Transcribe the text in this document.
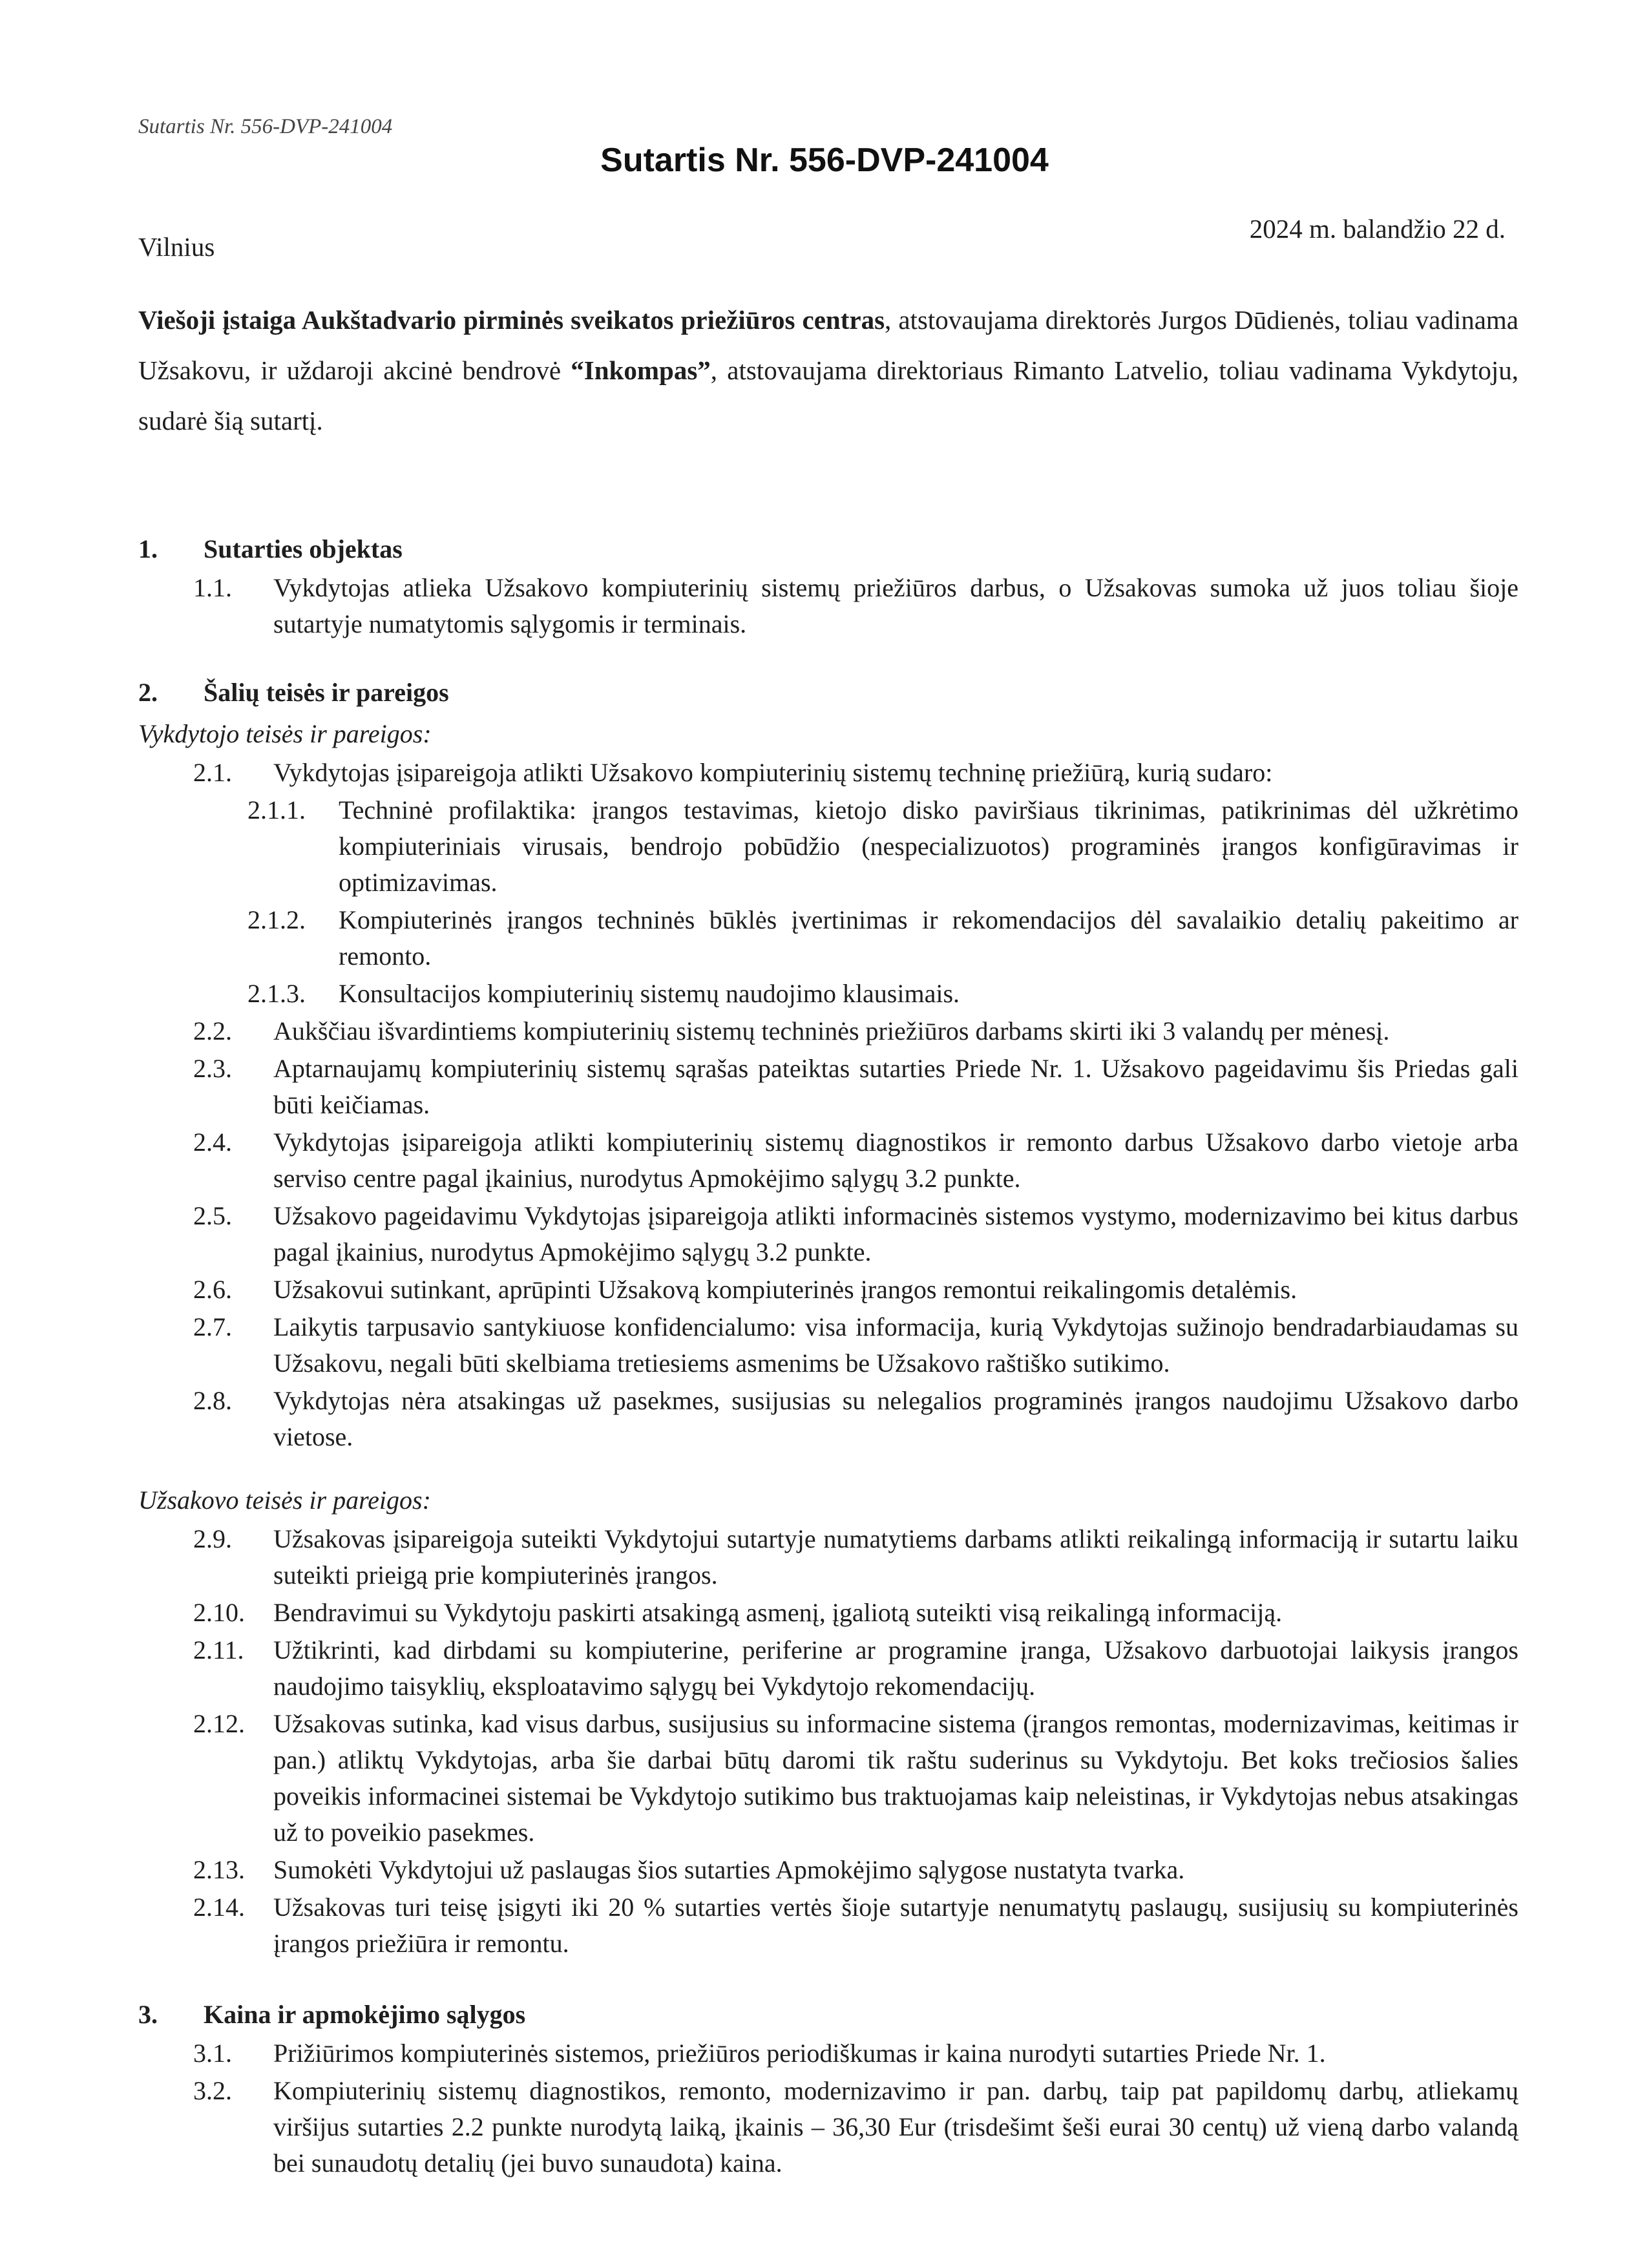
Sutartis Nr. 556-DVP-241004
Sutartis Nr. 556-DVP-241004
Vilnius
2024 m. balandžio 22 d.
Viešoji įstaiga Aukštadvario pirminės sveikatos priežiūros centras, atstovaujama direktorės Jurgos Dūdienės, toliau vadinama Užsakovu, ir uždaroji akcinė bendrovė “Inkompas”, atstovaujama direktoriaus Rimanto Latvelio, toliau vadinama Vykdytoju, sudarė šią sutartį.
1.	Sutarties objektas
1.1.	Vykdytojas atlieka Užsakovo kompiuterinių sistemų priežiūros darbus, o Užsakovas sumoka už juos toliau šioje sutartyje numatytomis sąlygomis ir terminais.
2.	Šalių teisės ir pareigos
Vykdytojo teisės ir pareigos:
2.1.	Vykdytojas įsipareigoja atlikti Užsakovo kompiuterinių sistemų techninę priežiūrą, kurią sudaro:
2.1.1.	Techninė profilaktika: įrangos testavimas, kietojo disko paviršiaus tikrinimas, patikrinimas dėl užkrėtimo kompiuteriniais virusais, bendrojo pobūdžio (nespecializuotos) programinės įrangos konfigūravimas ir optimizavimas.
2.1.2.	Kompiuterinės įrangos techninės būklės įvertinimas ir rekomendacijos dėl savalaikio detalių pakeitimo ar remonto.
2.1.3.	Konsultacijos kompiuterinių sistemų naudojimo klausimais.
2.2.	Aukščiau išvardintiems kompiuterinių sistemų techninės priežiūros darbams skirti iki 3 valandų per mėnesį.
2.3.	Aptarnaujamų kompiuterinių sistemų sąrašas pateiktas sutarties Priede Nr. 1. Užsakovo pageidavimu šis Priedas gali būti keičiamas.
2.4.	Vykdytojas įsipareigoja atlikti kompiuterinių sistemų diagnostikos ir remonto darbus Užsakovo darbo vietoje arba serviso centre pagal įkainius, nurodytus Apmokėjimo sąlygų 3.2 punkte.
2.5.	Užsakovo pageidavimu Vykdytojas įsipareigoja atlikti informacinės sistemos vystymo, modernizavimo bei kitus darbus pagal įkainius, nurodytus Apmokėjimo sąlygų 3.2 punkte.
2.6.	Užsakovui sutinkant, aprūpinti Užsakovą kompiuterinės įrangos remontui reikalingomis detalėmis.
2.7.	Laikytis tarpusavio santykiuose konfidencialumo: visa informacija, kurią Vykdytojas sužinojo bendradarbiaudamas su Užsakovu, negali būti skelbiama tretiesiems asmenims be Užsakovo raštiško sutikimo.
2.8.	Vykdytojas nėra atsakingas už pasekmes, susijusias su nelegalios programinės įrangos naudojimu Užsakovo darbo vietose.
Užsakovo teisės ir pareigos:
2.9.	Užsakovas įsipareigoja suteikti Vykdytojui sutartyje numatytiems darbams atlikti reikalingą informaciją ir sutartu laiku suteikti prieigą prie kompiuterinės įrangos.
2.10.	Bendravimui su Vykdytoju paskirti atsakingą asmenį, įgaliotą suteikti visą reikalingą informaciją.
2.11.	Užtikrinti, kad dirbdami su kompiuterine, periferine ar programine įranga, Užsakovo darbuotojai laikysis įrangos naudojimo taisyklių, eksploatavimo sąlygų bei Vykdytojo rekomendacijų.
2.12.	Užsakovas sutinka, kad visus darbus, susijusius su informacine sistema (įrangos remontas, modernizavimas, keitimas ir pan.) atliktų Vykdytojas, arba šie darbai būtų daromi tik raštu suderinus su Vykdytoju. Bet koks trečiosios šalies poveikis informacinei sistemai be Vykdytojo sutikimo bus traktuojamas kaip neleistinas, ir Vykdytojas nebus atsakingas už to poveikio pasekmes.
2.13.	Sumokėti Vykdytojui už paslaugas šios sutarties Apmokėjimo sąlygose nustatyta tvarka.
2.14.	Užsakovas turi teisę įsigyti iki 20 % sutarties vertės šioje sutartyje nenumatytų paslaugų, susijusių su kompiuterinės įrangos priežiūra ir remontu.
3.	Kaina ir apmokėjimo sąlygos
3.1.	Prižiūrimos kompiuterinės sistemos, priežiūros periodiškumas ir kaina nurodyti sutarties Priede Nr. 1.
3.2.	Kompiuterinių sistemų diagnostikos, remonto, modernizavimo ir pan. darbų, taip pat papildomų darbų, atliekamų viršijus sutarties 2.2 punkte nurodytą laiką, įkainis – 36,30 Eur (trisdešimt šeši eurai 30 centų) už vieną darbo valandą bei sunaudotų detalių (jei buvo sunaudota) kaina.
